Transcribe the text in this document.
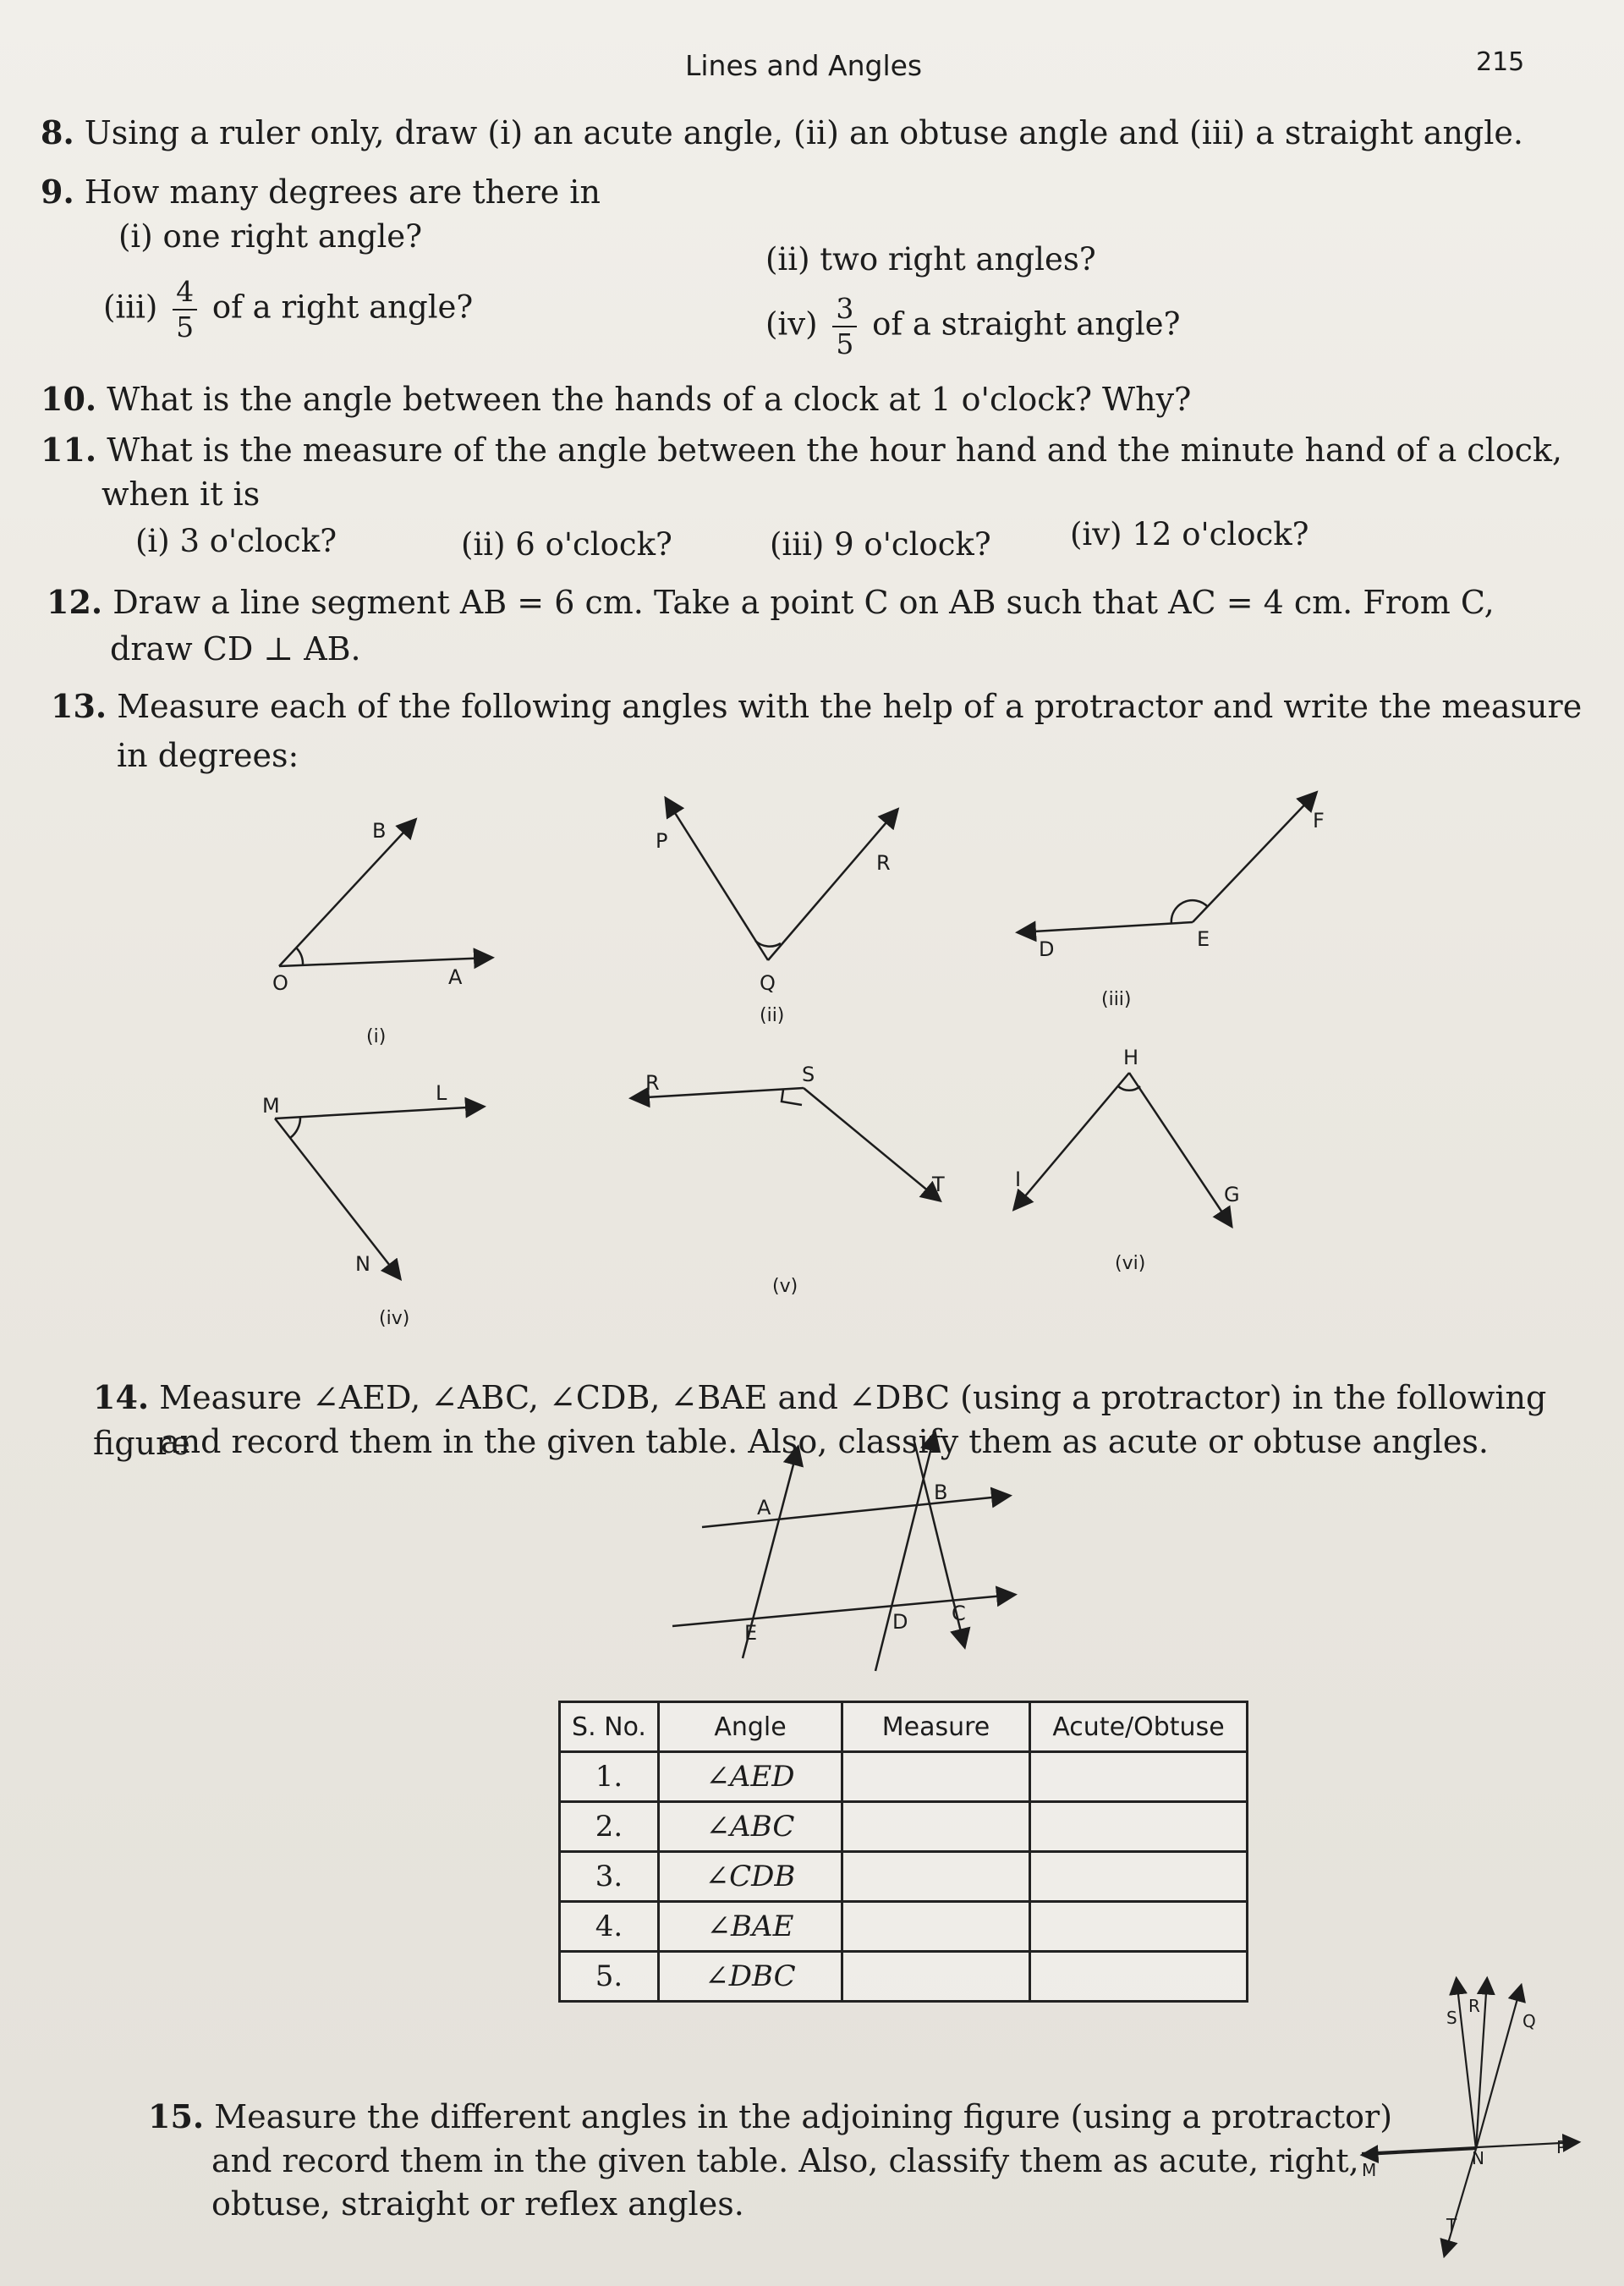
Lines and Angles	215
8. Using a ruler only, draw (i) an acute angle, (ii) an obtuse angle and (iii) a straight angle.
9. How many degrees are there in
(i) one right angle?
(ii) two right angles?
$(iii) \frac{4}{5}$ of a right angle?	$(iv) \frac{3}{5}$ of a straight angle?
10. What is the angle between the hands of a clock at 1 o'clock? Why?
11. What is the measure of the angle between the hour hand and the minute hand of a clock,
when it is
(i) 3 o'clock?	(ii) 6 o'clock?	(iii) 9 o'clock?	(iv) 12 o'clock?
12. Draw a line segment AB = 6 cm. Take a point C on AB such that AC = 4 cm. From C,
draw CD ⊥ AB.
13. Measure each of the following angles with the help of a protractor and write the measure
in degrees:
B
O	A
(i)
P
Q
R
(ii)
D	E
F
(iii)
M
L
N
(iv)
R	S
T
(v)
H
I
G
(vi)
14. Measure ∠AED, ∠ABC, ∠CDB, ∠BAE and ∠DBC (using a protractor) in the following figure
and record them in the given table. Also, classify them as acute or obtuse angles.
A
B
E	D C
S. No.	Angle	Measure	Acute/Obtuse
1.	∠AED		
2.	∠ABC		
3.	∠CDB		
4.	∠BAE		
5.	∠DBC		
15. Measure the different angles in the adjoining figure (using a protractor)
and record them in the given table. Also, classify them as acute, right,
obtuse, straight or reflex angles.
S
R
Q
M
N
P
T
